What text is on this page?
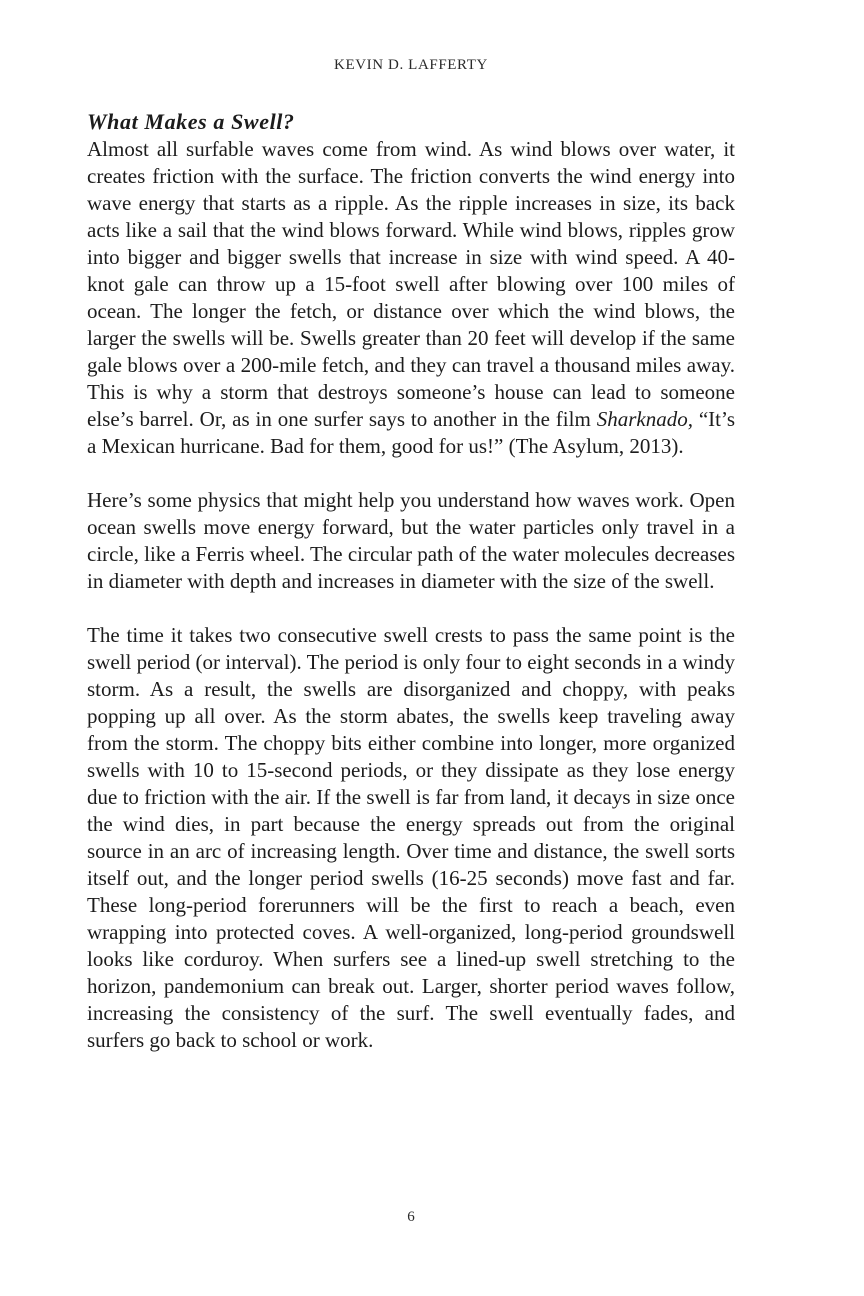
KEVIN D. LAFFERTY
What Makes a Swell?

Almost all surfable waves come from wind. As wind blows over water, it creates friction with the surface. The friction converts the wind energy into wave energy that starts as a ripple. As the ripple increases in size, its back acts like a sail that the wind blows forward. While wind blows, ripples grow into bigger and bigger swells that increase in size with wind speed. A 40-knot gale can throw up a 15-foot swell after blowing over 100 miles of ocean. The longer the fetch, or distance over which the wind blows, the larger the swells will be. Swells greater than 20 feet will develop if the same gale blows over a 200-mile fetch, and they can travel a thousand miles away. This is why a storm that destroys someone’s house can lead to someone else’s barrel. Or, as in one surfer says to another in the film Sharknado, “It’s a Mexican hurricane. Bad for them, good for us!” (The Asylum, 2013).

Here’s some physics that might help you understand how waves work. Open ocean swells move energy forward, but the water particles only travel in a circle, like a Ferris wheel. The circular path of the water molecules decreases in diameter with depth and increases in diameter with the size of the swell.

The time it takes two consecutive swell crests to pass the same point is the swell period (or interval). The period is only four to eight seconds in a windy storm. As a result, the swells are disorganized and choppy, with peaks popping up all over. As the storm abates, the swells keep traveling away from the storm. The choppy bits either combine into longer, more organized swells with 10 to 15-second periods, or they dissipate as they lose energy due to friction with the air. If the swell is far from land, it decays in size once the wind dies, in part because the energy spreads out from the original source in an arc of increasing length. Over time and distance, the swell sorts itself out, and the longer period swells (16-25 seconds) move fast and far. These long-period forerunners will be the first to reach a beach, even wrapping into protected coves. A well-organized, long-period groundswell looks like corduroy. When surfers see a lined-up swell stretching to the horizon, pandemonium can break out. Larger, shorter period waves follow, increasing the consistency of the surf. The swell eventually fades, and surfers go back to school or work.

6
